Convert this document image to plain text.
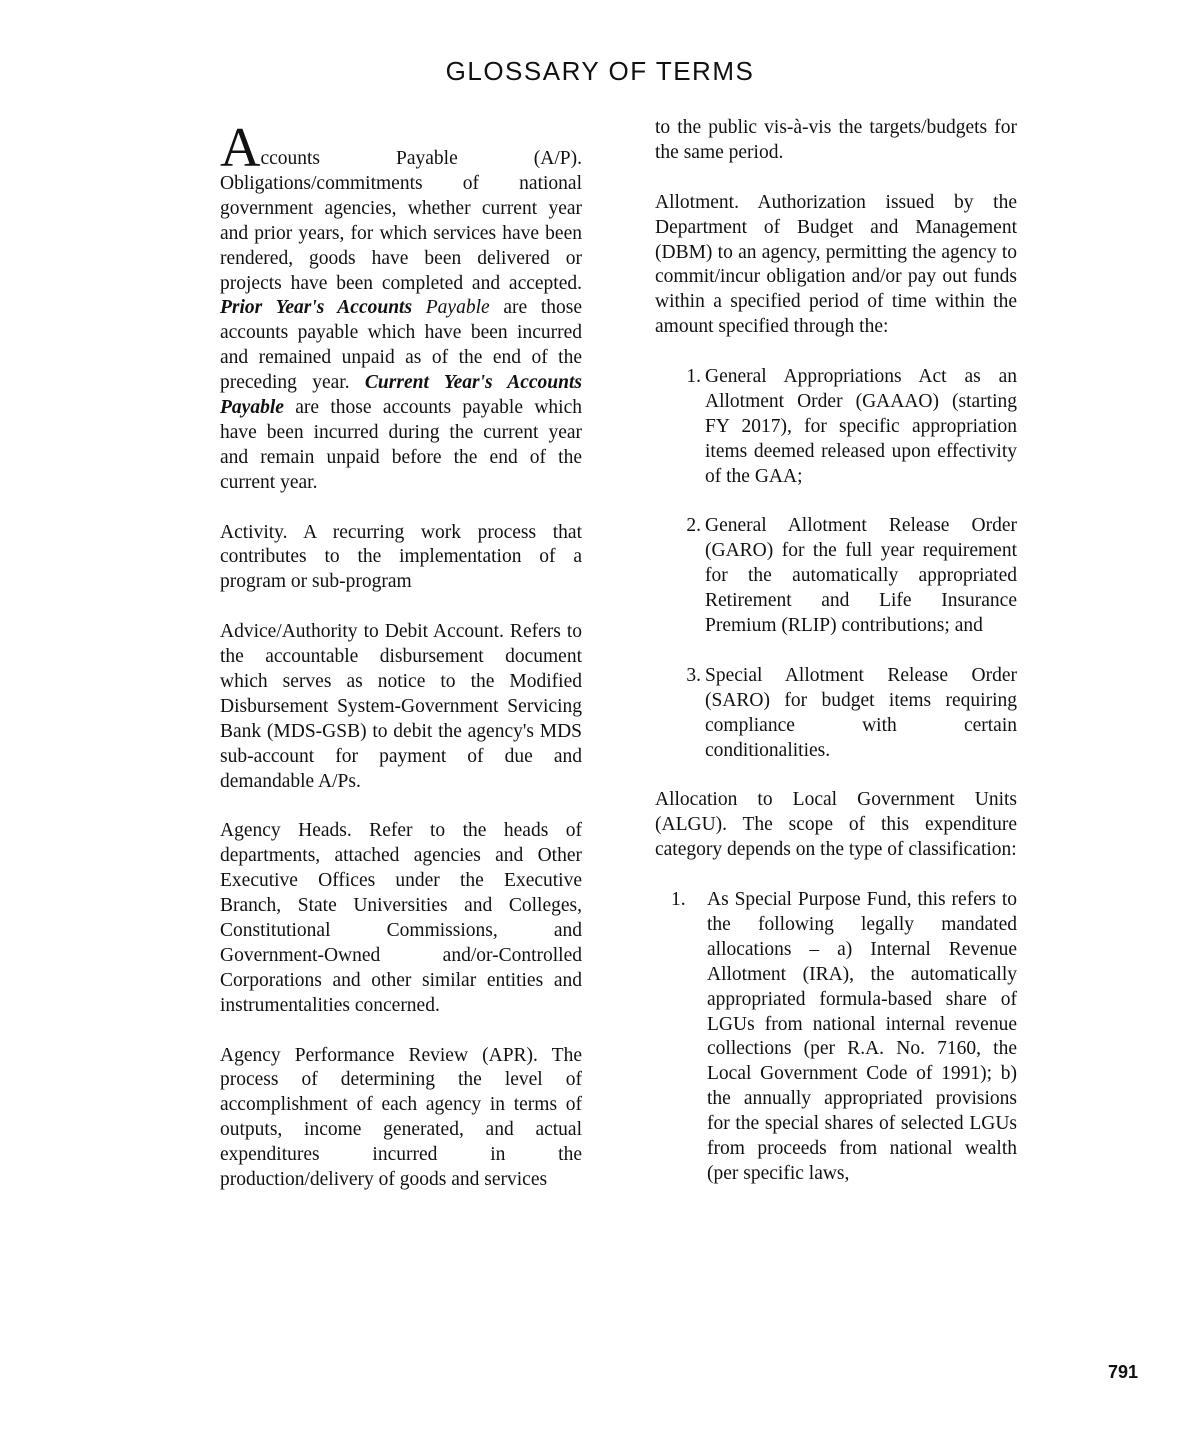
GLOSSARY OF TERMS
Accounts	Payable	(A/P).

Obligations/commitments of national government agencies, whether current year and prior years, for which services have been rendered, goods have been delivered or projects have been completed and accepted. Prior Year's Accounts Payable are those accounts payable which have been incurred and remained unpaid as of the end of the preceding year. Current Year's Accounts Payable are those accounts payable which have been incurred during the current year and remain unpaid before the end of the current year.

Activity. A recurring work process that contributes to the implementation of a program or sub-program

Advice/Authority to Debit Account. Refers to the accountable disbursement document which serves as notice to the Modified Disbursement System-Government Servicing Bank (MDS-GSB) to debit the agency's MDS sub-account for payment of due and demandable A/Ps.

Agency Heads. Refer to the heads of departments, attached agencies and Other Executive Offices under the Executive Branch, State Universities and Colleges, Constitutional Commissions, and Government-Owned and/or-Controlled Corporations and other similar entities and instrumentalities concerned.

Agency Performance Review (APR). The process of determining the level of accomplishment of each agency in terms of outputs, income generated, and actual expenditures incurred in the production/delivery of goods and services

to the public vis-à-vis the targets/budgets for the same period.

Allotment. Authorization issued by the Department of Budget and Management (DBM) to an agency, permitting the agency to commit/incur obligation and/or pay out funds within a specified period of time within the amount specified through the:

1. General Appropriations Act as an Allotment Order (GAAAO) (starting FY 2017), for specific appropriation items deemed released upon effectivity of the GAA;
2. General Allotment Release Order (GARO) for the full year requirement for the automatically appropriated Retirement and Life Insurance Premium (RLIP) contributions; and
3. Special Allotment Release Order (SARO) for budget items requiring compliance with certain conditionalities.

Allocation to Local Government Units (ALGU). The scope of this expenditure category depends on the type of classification:

1.	As Special Purpose Fund, this refers to the following legally mandated allocations – a) Internal Revenue Allotment (IRA), the automatically appropriated formula-based share of LGUs from national internal revenue collections (per R.A. No. 7160, the Local Government Code of 1991); b) the annually appropriated provisions for the special shares of selected LGUs from proceeds from national wealth (per specific laws,
791
